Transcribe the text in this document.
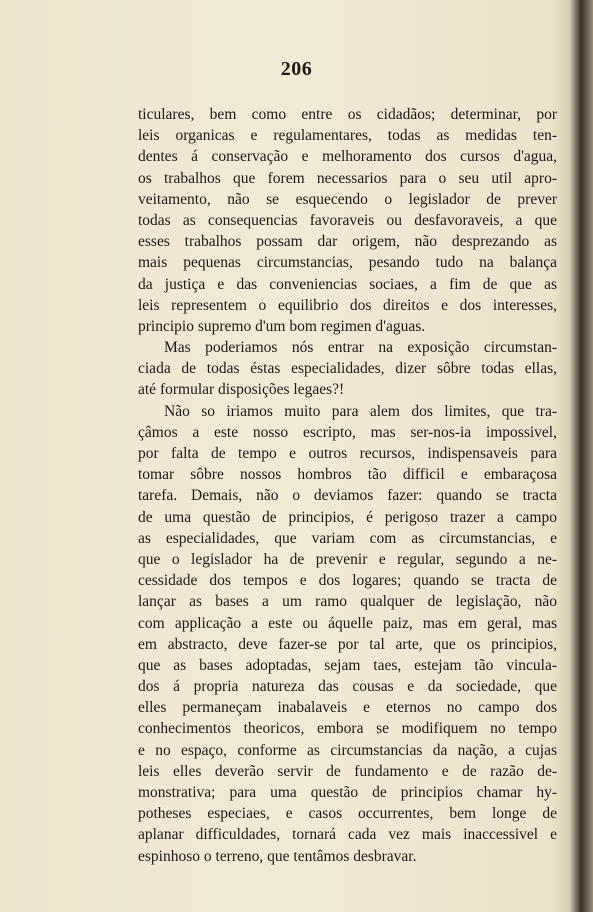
206
ticulares, bem como entre os cidadãos; determinar, por
leis organicas e regulamentares, todas as medidas ten-
dentes á conservação e melhoramento dos cursos d'agua,
os trabalhos que forem necessarios para o seu util apro-
veitamento, não se esquecendo o legislador de prever
todas as consequencias favoraveis ou desfavoraveis, a que
esses trabalhos possam dar origem, não desprezando as
mais pequenas circumstancias, pesando tudo na balança
da justiça e das conveniencias sociaes, a fim de que as
leis representem o equilibrio dos direitos e dos interesses,
principio supremo d'um bom regimen d'aguas.
Mas poderiamos nós entrar na exposição circumstan-
ciada de todas éstas especialidades, dizer sôbre todas ellas,
até formular disposições legaes?!
Não so iriamos muito para alem dos limites, que tra-
çâmos a este nosso escripto, mas ser-nos-ia impossivel,
por falta de tempo e outros recursos, indispensaveis para
tomar sôbre nossos hombros tão difficil e embaraçosa
tarefa. Demais, não o deviamos fazer: quando se tracta
de uma questão de principios, é perigoso trazer a campo
as especialidades, que variam com as circumstancias, e
que o legislador ha de prevenir e regular, segundo a ne-
cessidade dos tempos e dos logares; quando se tracta de
lançar as bases a um ramo qualquer de legislação, não
com applicação a este ou áquelle paiz, mas em geral, mas
em abstracto, deve fazer-se por tal arte, que os principios,
que as bases adoptadas, sejam taes, estejam tão vincula-
dos á propria natureza das cousas e da sociedade, que
elles permaneçam inabalaveis e eternos no campo dos
conhecimentos theoricos, embora se modifiquem no tempo
e no espaço, conforme as circumstancias da nação, a cujas
leis elles deverão servir de fundamento e de razão de-
monstrativa; para uma questão de principios chamar hy-
potheses especiaes, e casos occurrentes, bem longe de
aplanar difficuldades, tornará cada vez mais inaccessivel e
espinhoso o terreno, que tentâmos desbravar.
